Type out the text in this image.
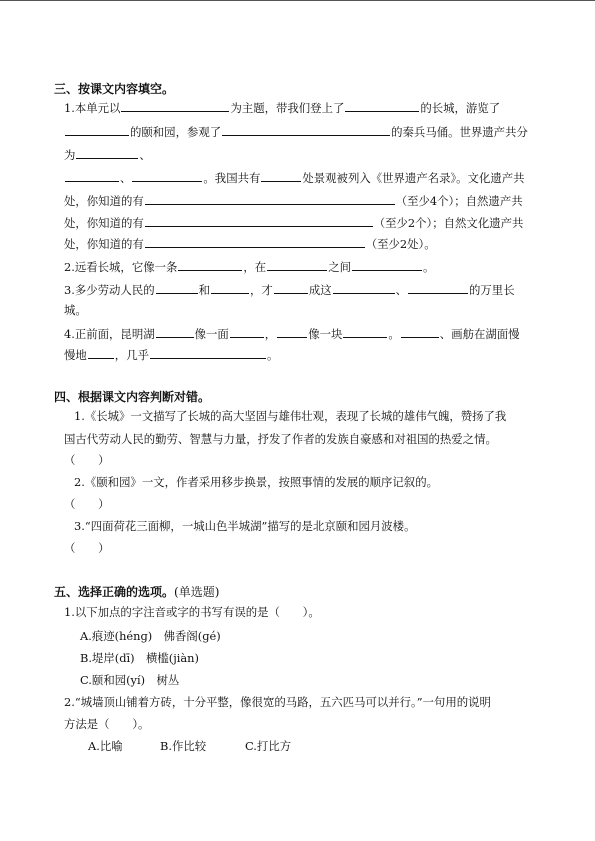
三、按课文内容填空。
1.本单元以	为主题，带我们登上了	的长城，游览了
的颐和园，参观了	的秦兵马俑。世界遗产共分
为	、
、	。我国共有	处景观被列入《世界遗产名录》。文化遗产共
处，你知道的有	（至少4个）；自然遗产共
处，你知道的有	（至少2个）；自然文化遗产共
处，你知道的有	（至少2处）。
2.远看长城，它像一条	，在	之间	。
3.多少劳动人民的	和	，才	成这	、	的万里长
城。
4.正前面，昆明湖	像一面	，	像一块	。	、画舫在湖面慢
慢地 ，几乎	。
四、根据课文内容判断对错。
1.《长城》一文描写了长城的高大坚固与雄伟壮观，表现了长城的雄伟气魄，赞扬了我
国古代劳动人民的勤劳、智慧与力量，抒发了作者的发族自豪感和对祖国的热爱之情。
（　　）
2.《颐和园》一文，作者采用移步换景，按照事情的发展的顺序记叙的。
（　　）
3.“四面荷花三面柳，一城山色半城湖”描写的是北京颐和园月波楼。
（　　）
五、选择正确的选项。(单选题)
1.以下加点的字注音或字的书写有误的是（　　）。
A.痕迹(hénɡ)　佛香阁(ɡé)
B.堤岸(dī)　横槛(jiàn)
C.颐和园(yí)　树丛
2.“城墙顶山铺着方砖，十分平整，像很宽的马路，五六匹马可以并行。”一句用的说明
方法是（　　）。
A.比喻	B.作比较	C.打比方
